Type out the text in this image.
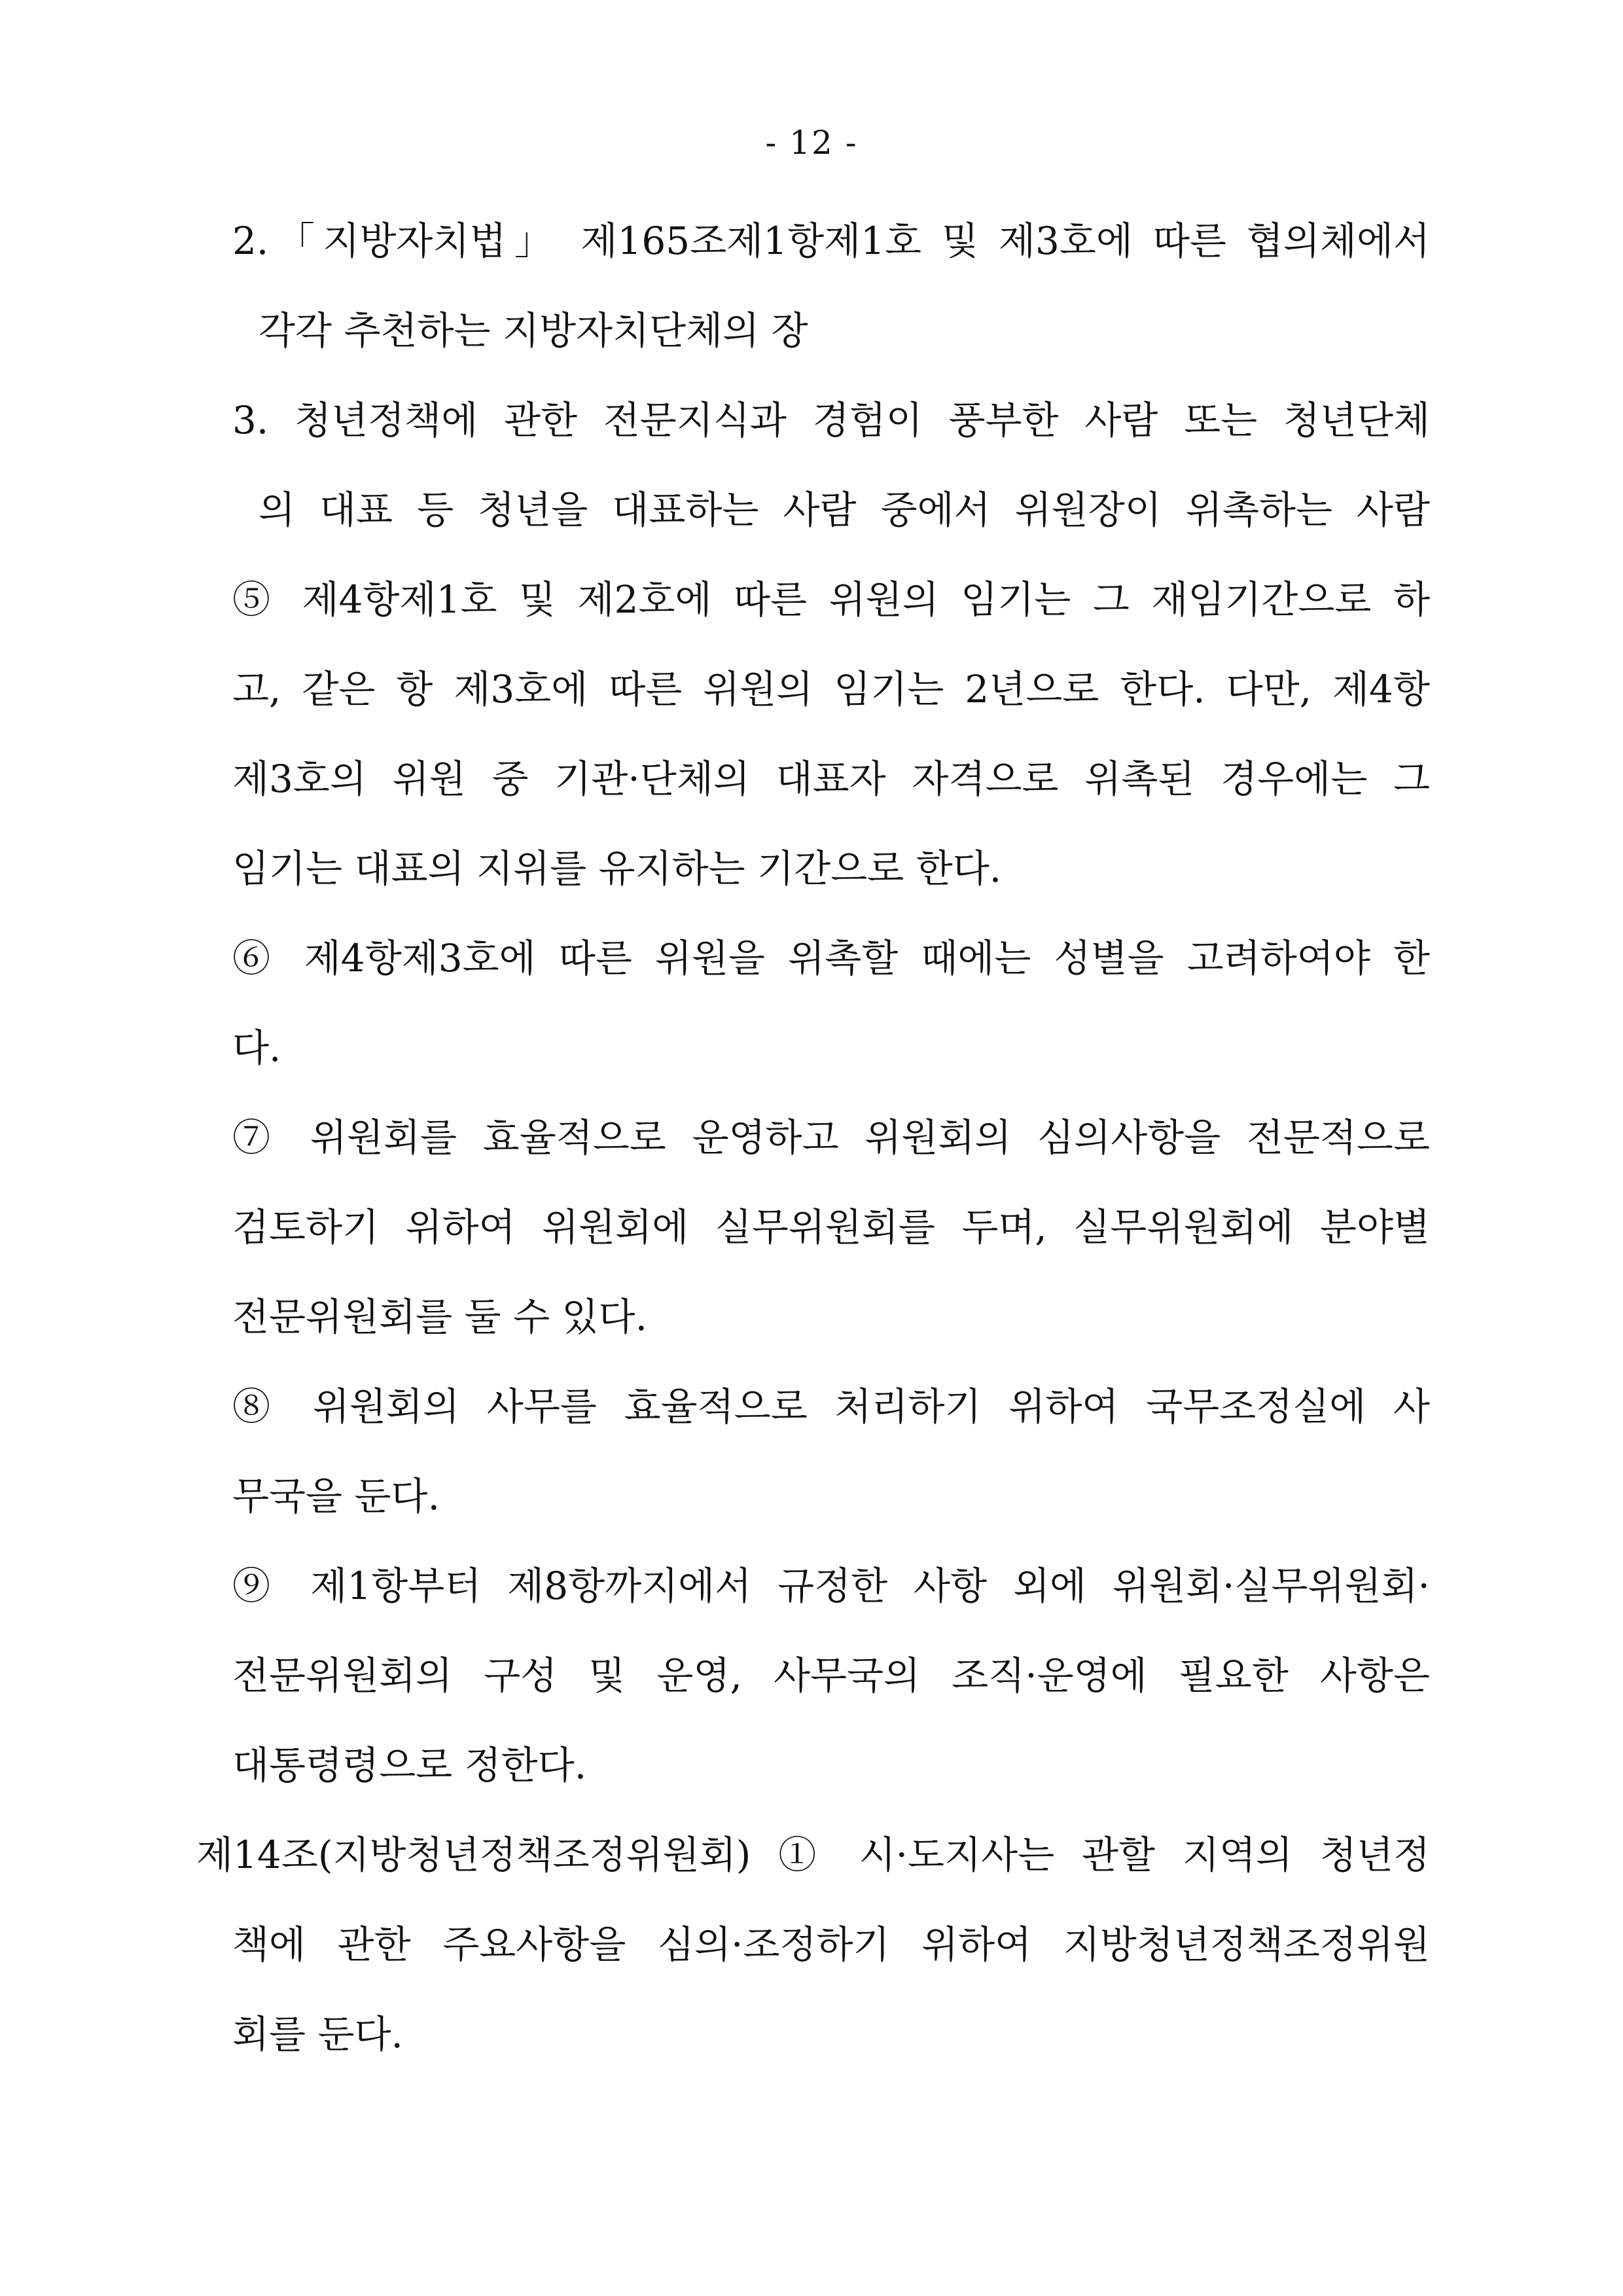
- 12 -
2.「지방자치법」 제165조제1항제1호 및 제3호에 따른 협의체에서
각각 추천하는 지방자치단체의 장
3. 청년정책에 관한 전문지식과 경험이 풍부한 사람 또는 청년단체
의 대표 등 청년을 대표하는 사람 중에서 위원장이 위촉하는 사람
⑤ 제4항제1호 및 제2호에 따른 위원의 임기는 그 재임기간으로 하
고, 같은 항 제3호에 따른 위원의 임기는 2년으로 한다. 다만, 제4항
제3호의 위원 중 기관·단체의 대표자 자격으로 위촉된 경우에는 그
임기는 대표의 지위를 유지하는 기간으로 한다.
⑥ 제4항제3호에 따른 위원을 위촉할 때에는 성별을 고려하여야 한
다.
⑦ 위원회를 효율적으로 운영하고 위원회의 심의사항을 전문적으로
검토하기 위하여 위원회에 실무위원회를 두며, 실무위원회에 분야별
전문위원회를 둘 수 있다.
⑧ 위원회의 사무를 효율적으로 처리하기 위하여 국무조정실에 사
무국을 둔다.
⑨ 제1항부터 제8항까지에서 규정한 사항 외에 위원회·실무위원회·
전문위원회의 구성 및 운영, 사무국의 조직·운영에 필요한 사항은
대통령령으로 정한다.
제14조(지방청년정책조정위원회) ① 시·도지사는 관할 지역의 청년정
책에 관한 주요사항을 심의·조정하기 위하여 지방청년정책조정위원
회를 둔다.
